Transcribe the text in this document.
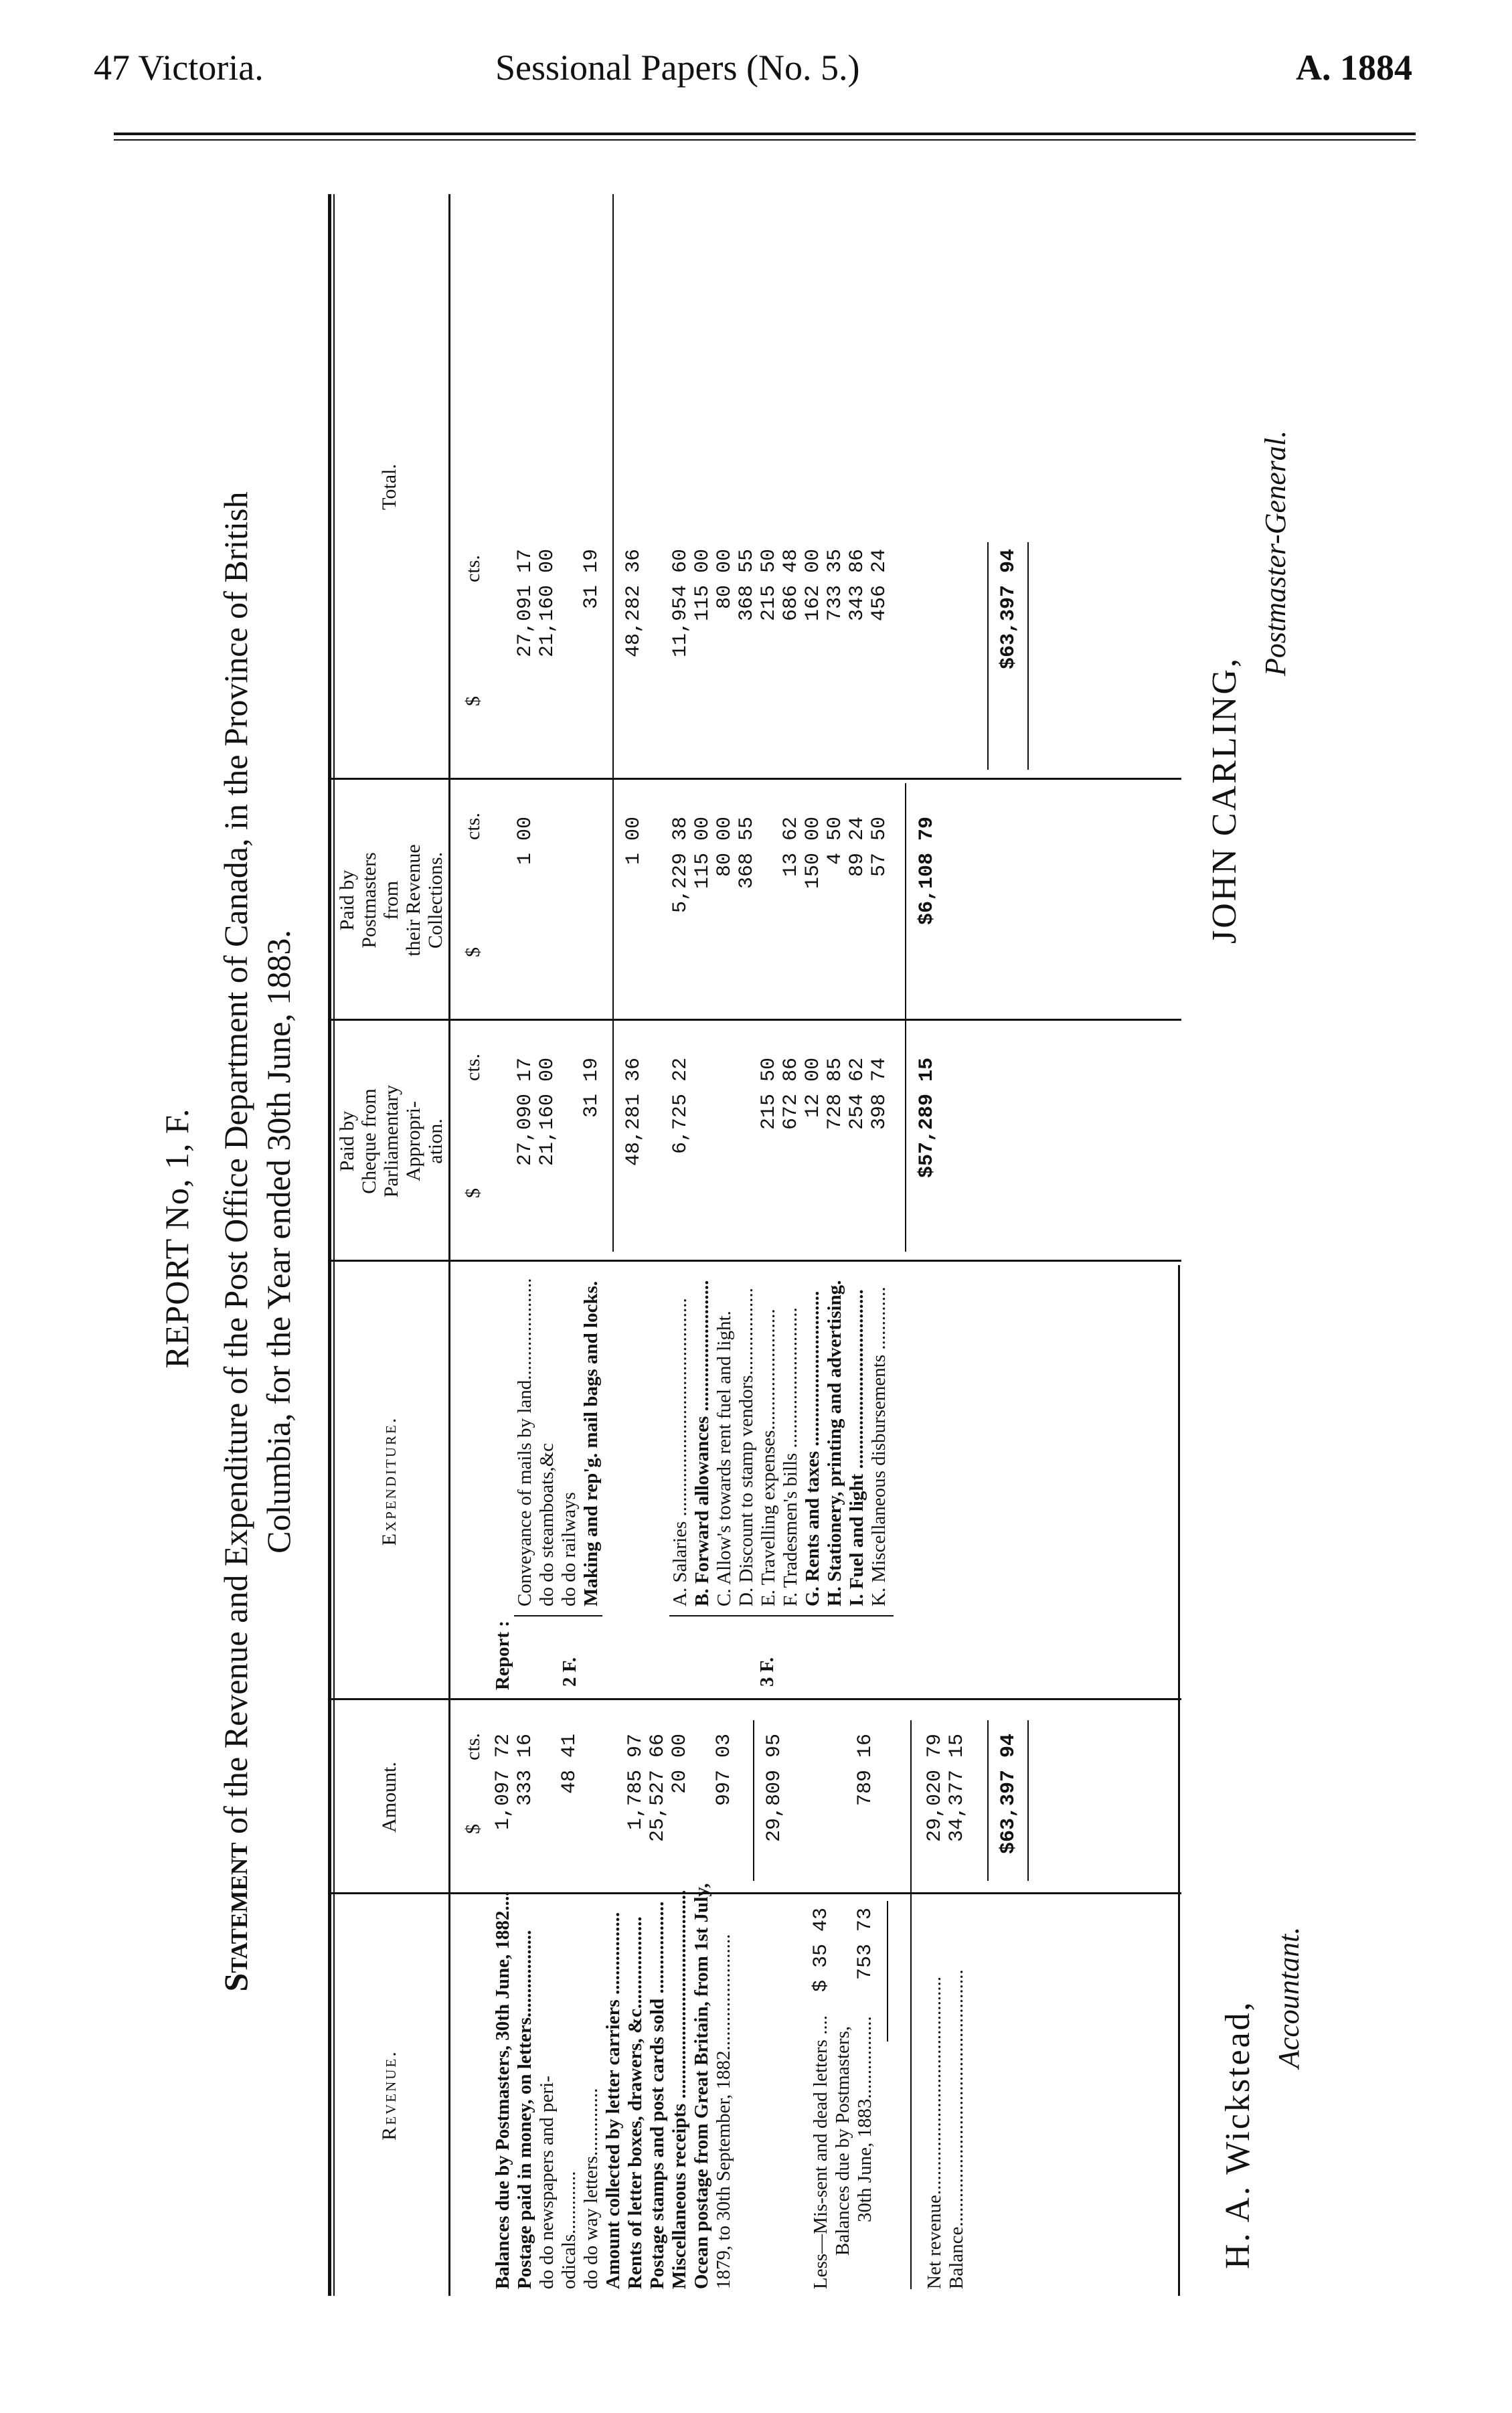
47 Victoria.	Sessional Papers (No. 5.)	A. 1884
REPORT No, 1, F.
Statement of the Revenue and Expenditure of the Post Office Department of Canada, in the Province of British Columbia, for the Year ended 30th June, 1883.
Revenue.
Amount.
Expenditure.
Paid by Cheque from Parliamentary Appropri- ation.
Paid by Postmasters from their Revenue Collections.
Total.
$
cts.
$
cts.
$
cts.
$
cts.
Balances due by Postmasters, 30th June, 1882....
1,097 72
Postage paid in money, on letters..................
333 16
do do newspapers and peri- odicals.............
48 41
do do way letters.............. Amount collected by letter carriers ................. Rents of letter boxes, drawers, &c...................
1,785 97
Postage stamps and post cards sold ...................
25,527 66
Miscellaneous receipts ...........................................
20 00
Ocean postage from Great Britain, from 1st July, 1879, to 30th September, 1882........................
997 03 29,809 95
Less—Mis-sent and dead letters ....
$ 35 43
Balances due by Postmasters, 30th June, 1883.................
753 73
789 16
Net revenue.............................................
29,020 79
Balance.....................................................
34,377 15 $63,397 94
Report : 2 F.
Conveyance of mails by land.....................
27,090 17
1 00
27,091 17
do do steamboats,&c
21,160 00
21,160 00
do do railways Making and rep'g. mail bags and locks.
31 19
31 19
48,281 36
1 00
48,282 36
3 F.
A. Salaries .............................................
6,725 22
5,229 38
11,954 60
B. Forward allowances ...........................
115 00
115 00
C. Allow's towards rent fuel and light.
80 00
80 00
D. Discount to stamp vendors..................
368 55
368 55
E. Travelling expenses.........................
215 50
215 50
F. Tradesmen's bills .............................
672 86
13 62
686 48
G. Rents and taxes ................................
12 00
150 00
162 00
H. Stationery, printing and advertising.
728 85
4 50
733 35
I. Fuel and light .....................................
254 62
89 24
343 86
K. Miscellaneous disbursements .............
398 74
57 50
456 24
$57,289 15
$6,108 79
$63,397 94
H. A. Wickstead,
Accountant.
JOHN CARLING,
Postmaster-General.
